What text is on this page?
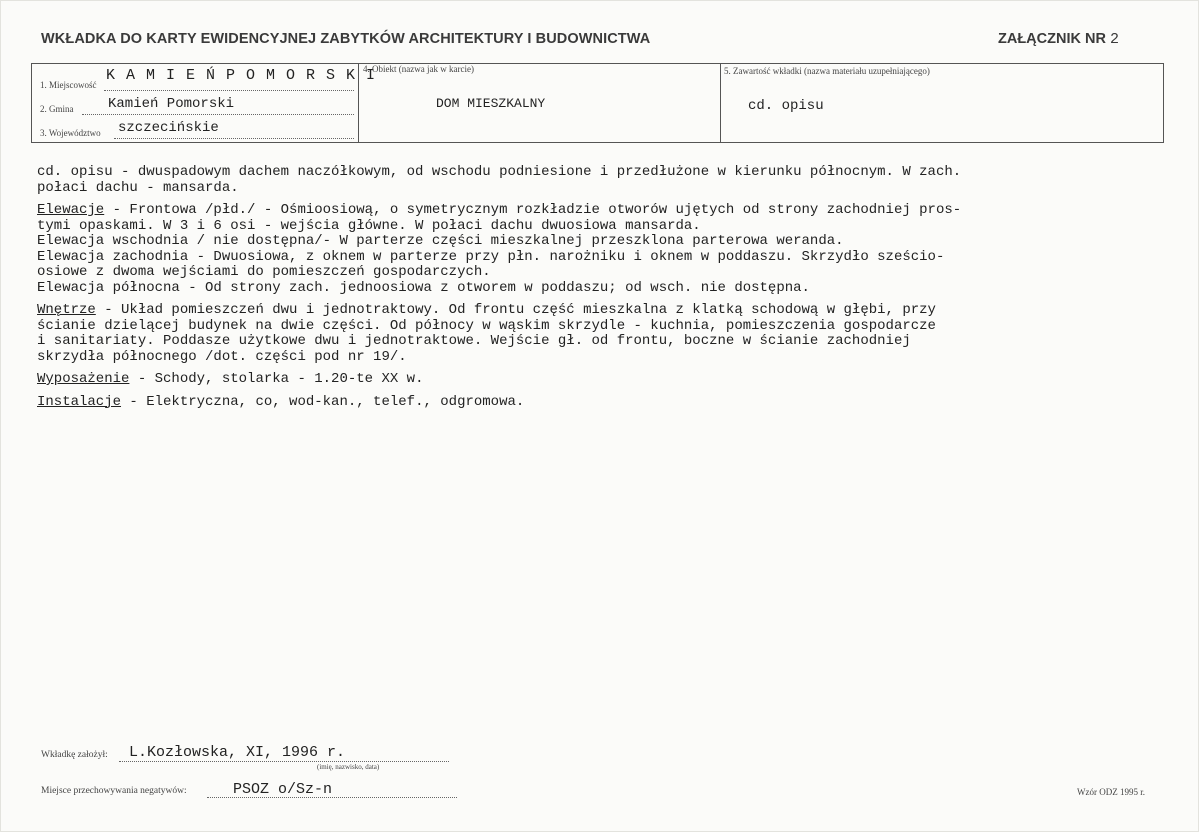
WKŁADKA DO KARTY EWIDENCYJNEJ ZABYTKÓW ARCHITEKTURY I BUDOWNICTWA	ZAŁĄCZNIK NR 2
1. Miejscowość
K A M I E Ń P O M O R S K I
2. Gmina Kamień Pomorski
3. Województwo szczecińskie
4. Obiekt (nazwa jak w karcie)
DOM MIESZKALNY
5. Zawartość wkładki (nazwa materiału uzupełniającego)
cd. opisu
cd. opisu - dwuspadowym dachem naczółkowym, od wschodu podniesione i przedłużone w kierunku północnym. W zach.
połaci dachu - mansarda.

Elewacje - Frontowa /płd./ - Ośmioosiową, o symetrycznym rozkładzie otworów ujętych od strony zachodniej pros-
tymi opaskami. W 3 i 6 osi - wejścia główne. W połaci dachu dwuosiowa mansarda.
Elewacja wschodnia / nie dostępna/- W parterze części mieszkalnej przeszklona parterowa weranda.
Elewacja zachodnia - Dwuosiowa, z oknem w parterze przy płn. narożniku i oknem w poddaszu. Skrzydło sześcio-
osiowe z dwoma wejściami do pomieszczeń gospodarczych.
Elewacja północna - Od strony zach. jednoosiowa z otworem w poddaszu; od wsch. nie dostępna.

Wnętrze - Układ pomieszczeń dwu i jednotraktowy. Od frontu część mieszkalna z klatką schodową w głębi, przy
ścianie dzielącej budynek na dwie części. Od północy w wąskim skrzydle - kuchnia, pomieszczenia gospodarcze
i sanitariaty. Poddasze użytkowe dwu i jednotraktowe. Wejście gł. od frontu, boczne w ścianie zachodniej
skrzydła północnego /dot. części pod nr 19/.

Wyposażenie - Schody, stolarka - 1.20-te XX w.

Instalacje - Elektryczna, co, wod-kan., telef., odgromowa.
Wkładkę założył: L.Kozłowska, XI, 1996 r.
(imię, nazwisko, data)
Miejsce przechowywania negatywów:	PSOZ o/Sz-n	Wzór ODZ 1995 r.
